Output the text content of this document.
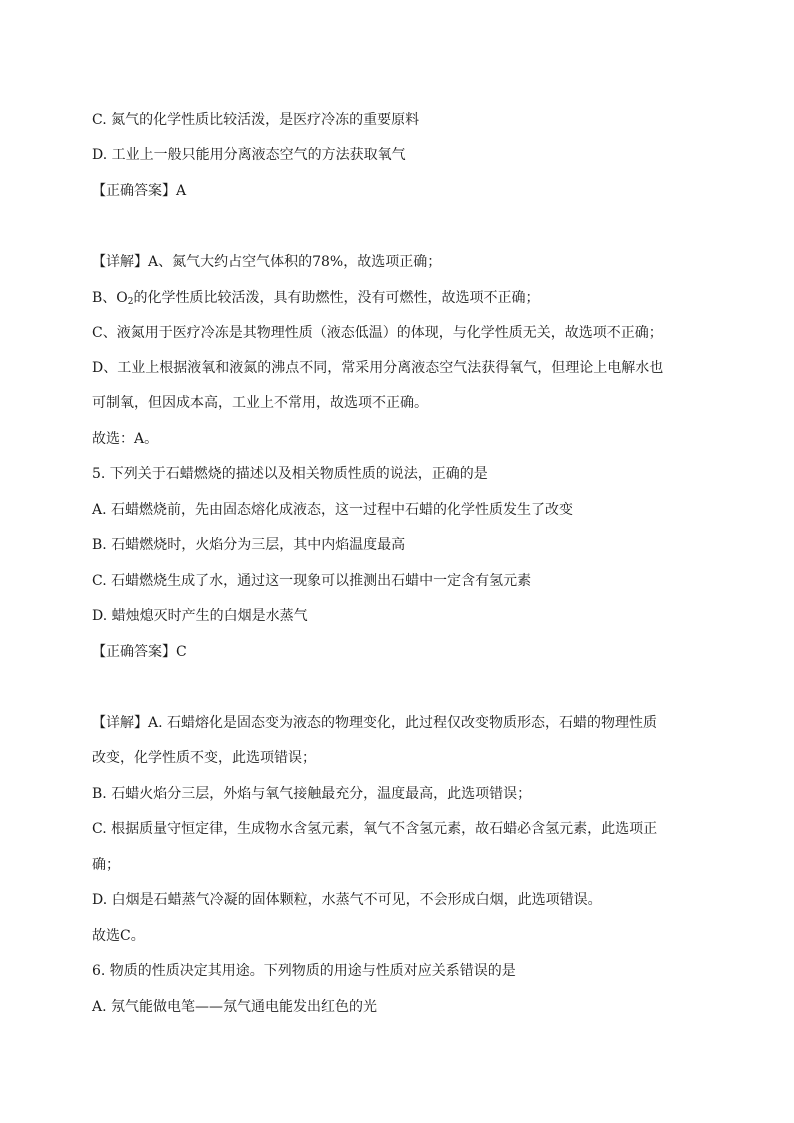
C. 氮气的化学性质比较活泼，是医疗冷冻的重要原料
D. 工业上一般只能用分离液态空气的方法获取氧气
【正确答案】A
【详解】A、氮气大约占空气体积的78%，故选项正确；
B、$O_2$的化学性质比较活泼，具有助燃性，没有可燃性，故选项不正确；
C、液氮用于医疗冷冻是其物理性质（液态低温）的体现，与化学性质无关，故选项不正确；
D、工业上根据液氧和液氮的沸点不同，常采用分离液态空气法获得氧气，但理论上电解水也
可制氧，但因成本高，工业上不常用，故选项不正确。
故选：A。
5. 下列关于石蜡燃烧的描述以及相关物质性质的说法，正确的是
A. 石蜡燃烧前，先由固态熔化成液态，这一过程中石蜡的化学性质发生了改变
B. 石蜡燃烧时，火焰分为三层，其中内焰温度最高
C. 石蜡燃烧生成了水，通过这一现象可以推测出石蜡中一定含有氢元素
D. 蜡烛熄灭时产生的白烟是水蒸气
【正确答案】C
【详解】A. 石蜡熔化是固态变为液态的物理变化，此过程仅改变物质形态，石蜡的物理性质
改变，化学性质不变，此选项错误；
B. 石蜡火焰分三层，外焰与氧气接触最充分，温度最高，此选项错误；
C. 根据质量守恒定律，生成物水含氢元素，氧气不含氢元素，故石蜡必含氢元素，此选项正
确；
D. 白烟是石蜡蒸气冷凝的固体颗粒，水蒸气不可见，不会形成白烟，此选项错误。
故选C。
6. 物质的性质决定其用途。下列物质的用途与性质对应关系错误的是
A. 氖气能做电笔——氖气通电能发出红色的光
